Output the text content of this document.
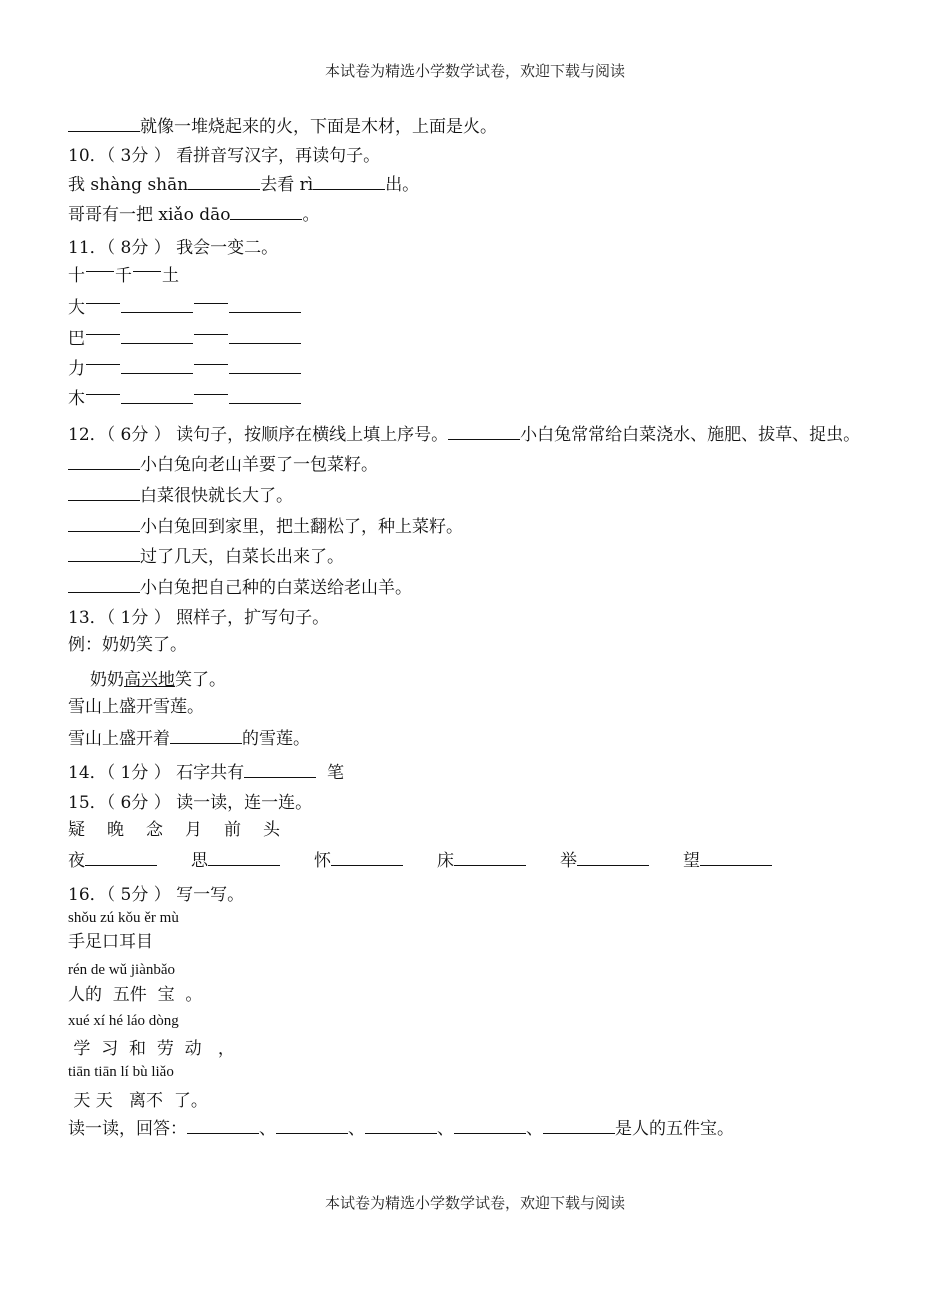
本试卷为精选小学数学试卷，欢迎下载与阅读
就像一堆烧起来的火，下面是木材，上面是火。
10．（ 3分 ） 看拼音写汉字，再读句子。
我 shàng shān	去看 rì	出。
哥哥有一把 xiǎo dāo	。
11．（ 8分 ） 我会一变二。
十 千 土
大
巴
力
木
12．（ 6分 ） 读句子，按顺序在横线上填上序号。	小白兔常常给白菜浇水、施肥、拔草、捉虫。
小白兔向老山羊要了一包菜籽。
白菜很快就长大了。
小白兔回到家里，把土翻松了，种上菜籽。
过了几天，白菜长出来了。
小白兔把自己种的白菜送给老山羊。
13．（ 1分 ） 照样子，扩写句子。
例：奶奶笑了。
奶奶高兴地笑了。
雪山上盛开雪莲。
雪山上盛开着	的雪莲。
14．（ 1分 ） 石字共有	笔
15．（ 6分 ） 读一读，连一连。
疑 晚 念 月 前 头
夜	思	怀	床	举	望
16．（ 5分 ） 写一写。
shǒu zú kǒu ěr mù
手足口耳目
rén de wǔ jiànbǎo
人的  五件  宝  。
xué xí hé láo dòng
学  习  和  劳  动   ，
tiān tiān lí bù liǎo
天 天   离不  了。
读一读，回答：	、	、	、	、	是人的五件宝。
本试卷为精选小学数学试卷，欢迎下载与阅读
